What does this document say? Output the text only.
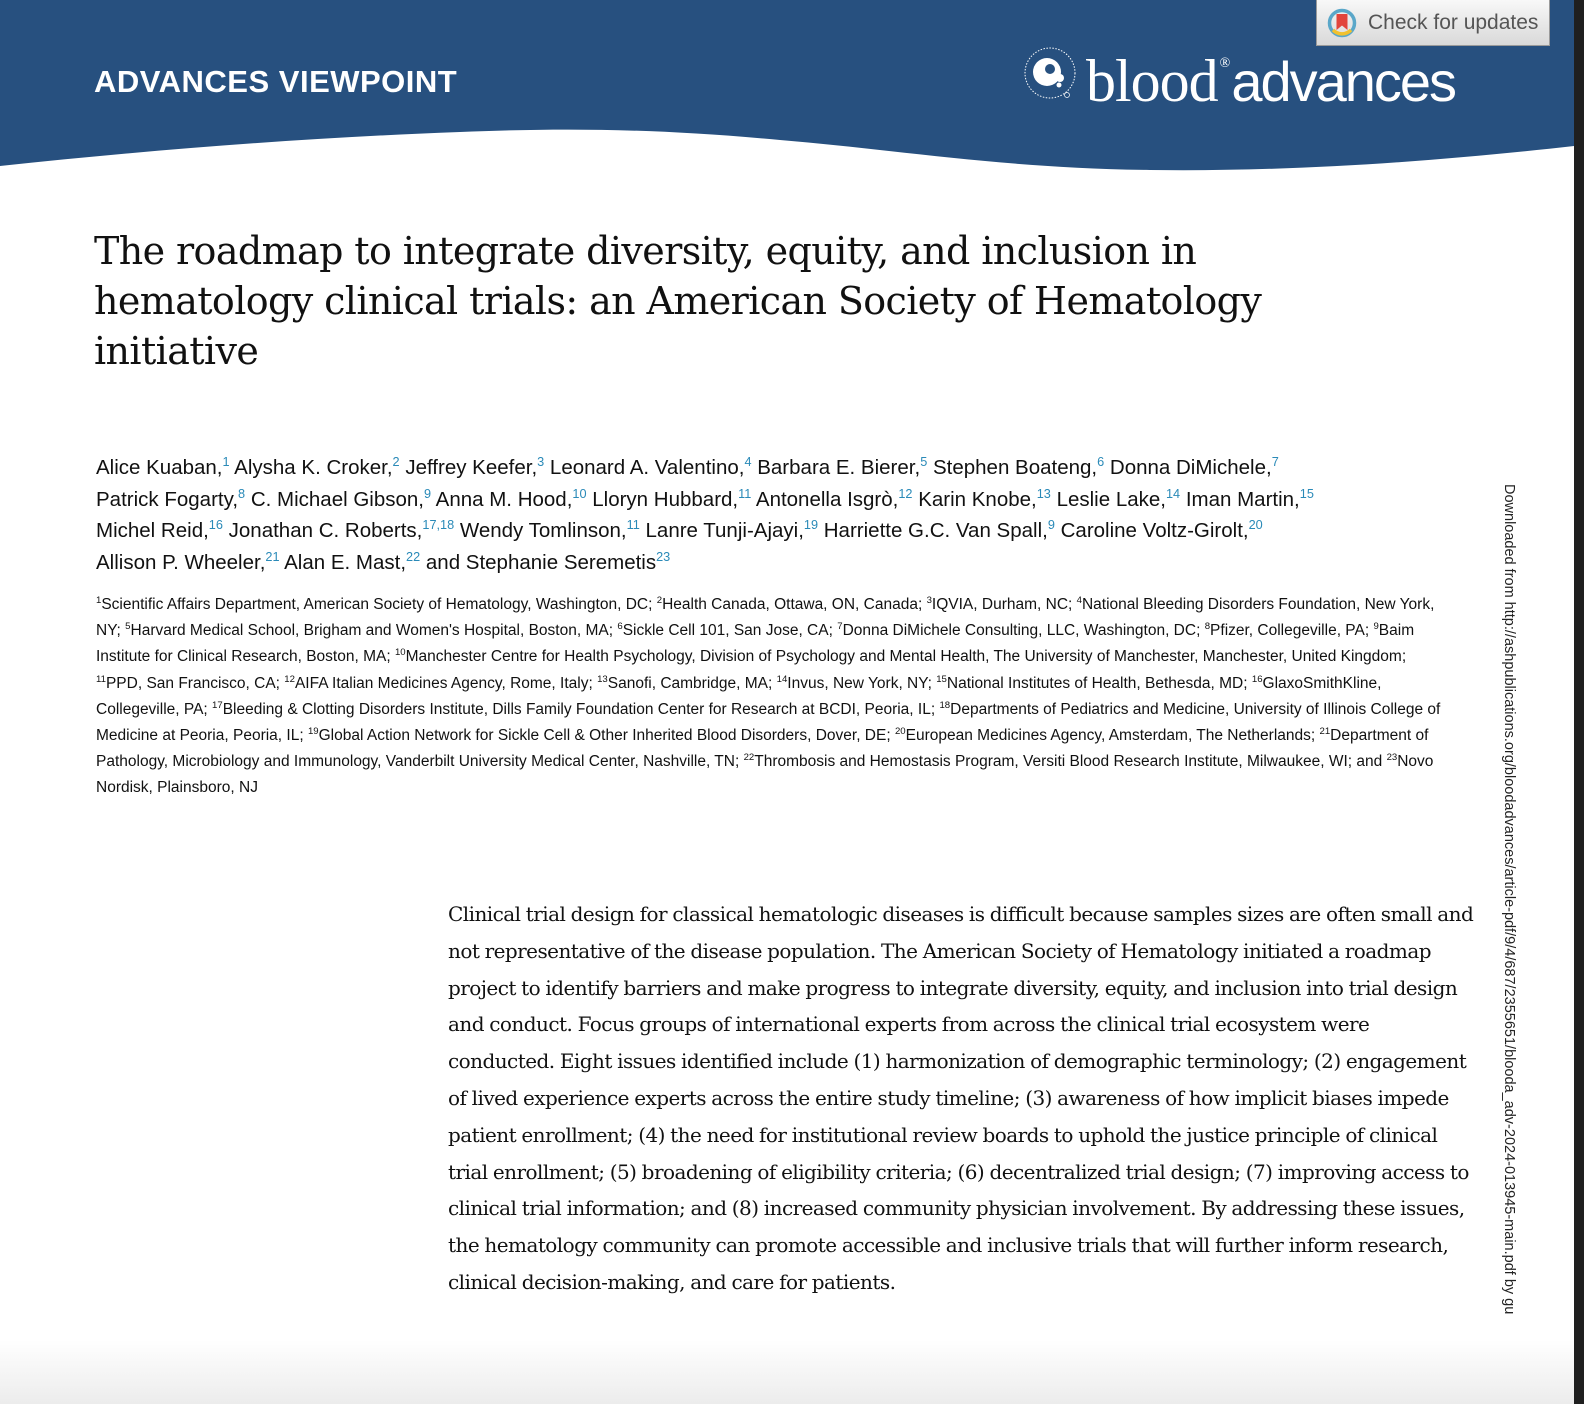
ADVANCES VIEWPOINT	blood ®advances
Check for updates
The roadmap to integrate diversity, equity, and inclusion in hematology clinical trials: an American Society of Hematology initiative
Alice Kuaban,$^1$ Alysha K. Croker,$^2$ Jeffrey Keefer,$^3$ Leonard A. Valentino,$^4$ Barbara E. Bierer,$^5$ Stephen Boateng,$^6$ Donna DiMichele,$^7$
Patrick Fogarty,$^8$ C. Michael Gibson,$^9$ Anna M. Hood,$^{10}$ Lloryn Hubbard,$^{11}$ Antonella Isgrò,$^{12}$ Karin Knobe,$^{13}$ Leslie Lake,$^{14}$ Iman Martin,$^{15}$
Michel Reid,$^{16}$ Jonathan C. Roberts,$^{17,18}$ Wendy Tomlinson,$^{11}$ Lanre Tunji-Ajayi,$^{19}$ Harriette G.C. Van Spall,$^9$ Caroline Voltz-Girolt,$^{20}$
Allison P. Wheeler,$^{21}$ Alan E. Mast,$^{22}$ and Stephanie Seremetis$^{23}$
$^1$Scientific Affairs Department, American Society of Hematology, Washington, DC; $^2$Health Canada, Ottawa, ON, Canada; $^3$IQVIA, Durham, NC; $^4$National Bleeding Disorders Foundation, New York, NY; $^5$Harvard Medical School, Brigham and Women's Hospital, Boston, MA; $^6$Sickle Cell 101, San Jose, CA; $^7$Donna DiMichele Consulting, LLC, Washington, DC; $^8$Pfizer, Collegeville, PA; $^9$Baim Institute for Clinical Research, Boston, MA; $^{10}$Manchester Centre for Health Psychology, Division of Psychology and Mental Health, The University of Manchester, Manchester, United Kingdom; $^{11}$PPD, San Francisco, CA; $^{12}$AIFA Italian Medicines Agency, Rome, Italy; $^{13}$Sanofi, Cambridge, MA; $^{14}$Invus, New York, NY; $^{15}$National Institutes of Health, Bethesda, MD; $^{16}$GlaxoSmithKline, Collegeville, PA; $^{17}$Bleeding & Clotting Disorders Institute, Dills Family Foundation Center for Research at BCDI, Peoria, IL; $^{18}$Departments of Pediatrics and Medicine, University of Illinois College of Medicine at Peoria, Peoria, IL; $^{19}$Global Action Network for Sickle Cell & Other Inherited Blood Disorders, Dover, DE; $^{20}$European Medicines Agency, Amsterdam, The Netherlands; $^{21}$Department of Pathology, Microbiology and Immunology, Vanderbilt University Medical Center, Nashville, TN; $^{22}$Thrombosis and Hemostasis Program, Versiti Blood Research Institute, Milwaukee, WI; and $^{23}$Novo Nordisk, Plainsboro, NJ

Clinical trial design for classical hematologic diseases is difficult because samples sizes are often small and not representative of the disease population. The American Society of Hematology initiated a roadmap project to identify barriers and make progress to integrate diversity, equity, and inclusion into trial design and conduct. Focus groups of international experts from across the clinical trial ecosystem were conducted. Eight issues identified include (1) harmonization of demographic terminology; (2) engagement of lived experience experts across the entire study timeline; (3) awareness of how implicit biases impede patient enrollment; (4) the need for institutional review boards to uphold the justice principle of clinical trial enrollment; (5) broadening of eligibility criteria; (6) decentralized trial design; (7) improving access to clinical trial information; and (8) increased community physician involvement. By addressing these issues, the hematology community can promote accessible and inclusive trials that will further inform research, clinical decision-making, and care for patients.	Downloaded from http://ashpublications.org/bloodadvances/article-pdf/9/4/687/2355651/blooda_adv-2024-013945-main.pdf by gu
